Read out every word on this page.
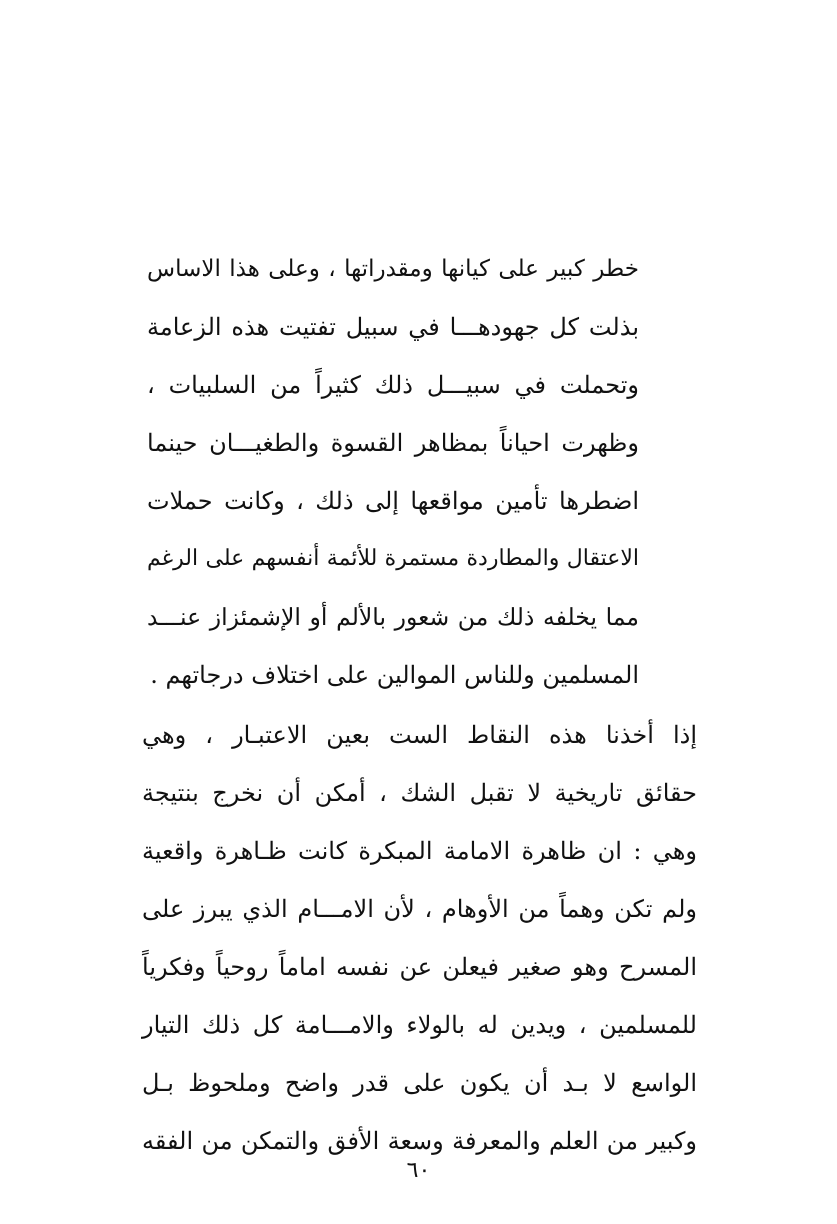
خطر كبير على كيانها ومقدراتها ، وعلى هذا الاساس
بذلت كل جهودهـــا في سبيل تفتيت هذه الزعامة
وتحملت في سبيـــل ذلك كثيراً من السلبيات ،
وظهرت احياناً بمظاهر القسوة والطغيـــان حينما
اضطرها تأمين مواقعها إلى ذلك ، وكانت حملات
الاعتقال والمطاردة مستمرة للأئمة أنفسهم على الرغم
مما يخلفه ذلك من شعور بالألم أو الإشمئزاز عنـــد
المسلمين وللناس الموالين على اختلاف درجاتهم .
إذا أخذنا هذه النقاط الست بعين الاعتبـار ، وهي
حقائق تاريخية لا تقبل الشك ، أمكن أن نخرج بنتيجة
وهي : ان ظاهرة الامامة المبكرة كانت ظـاهرة واقعية
ولم تكن وهماً من الأوهام ، لأن الامـــام الذي يبرز على
المسرح وهو صغير فيعلن عن نفسه اماماً روحياً وفكرياً
للمسلمين ، ويدين له بالولاء والامـــامة كل ذلك التيار
الواسع لا بـد أن يكون على قدر واضح وملحوظ بـل
وكبير من العلم والمعرفة وسعة الأفق والتمكن من الفقه
٦٠
